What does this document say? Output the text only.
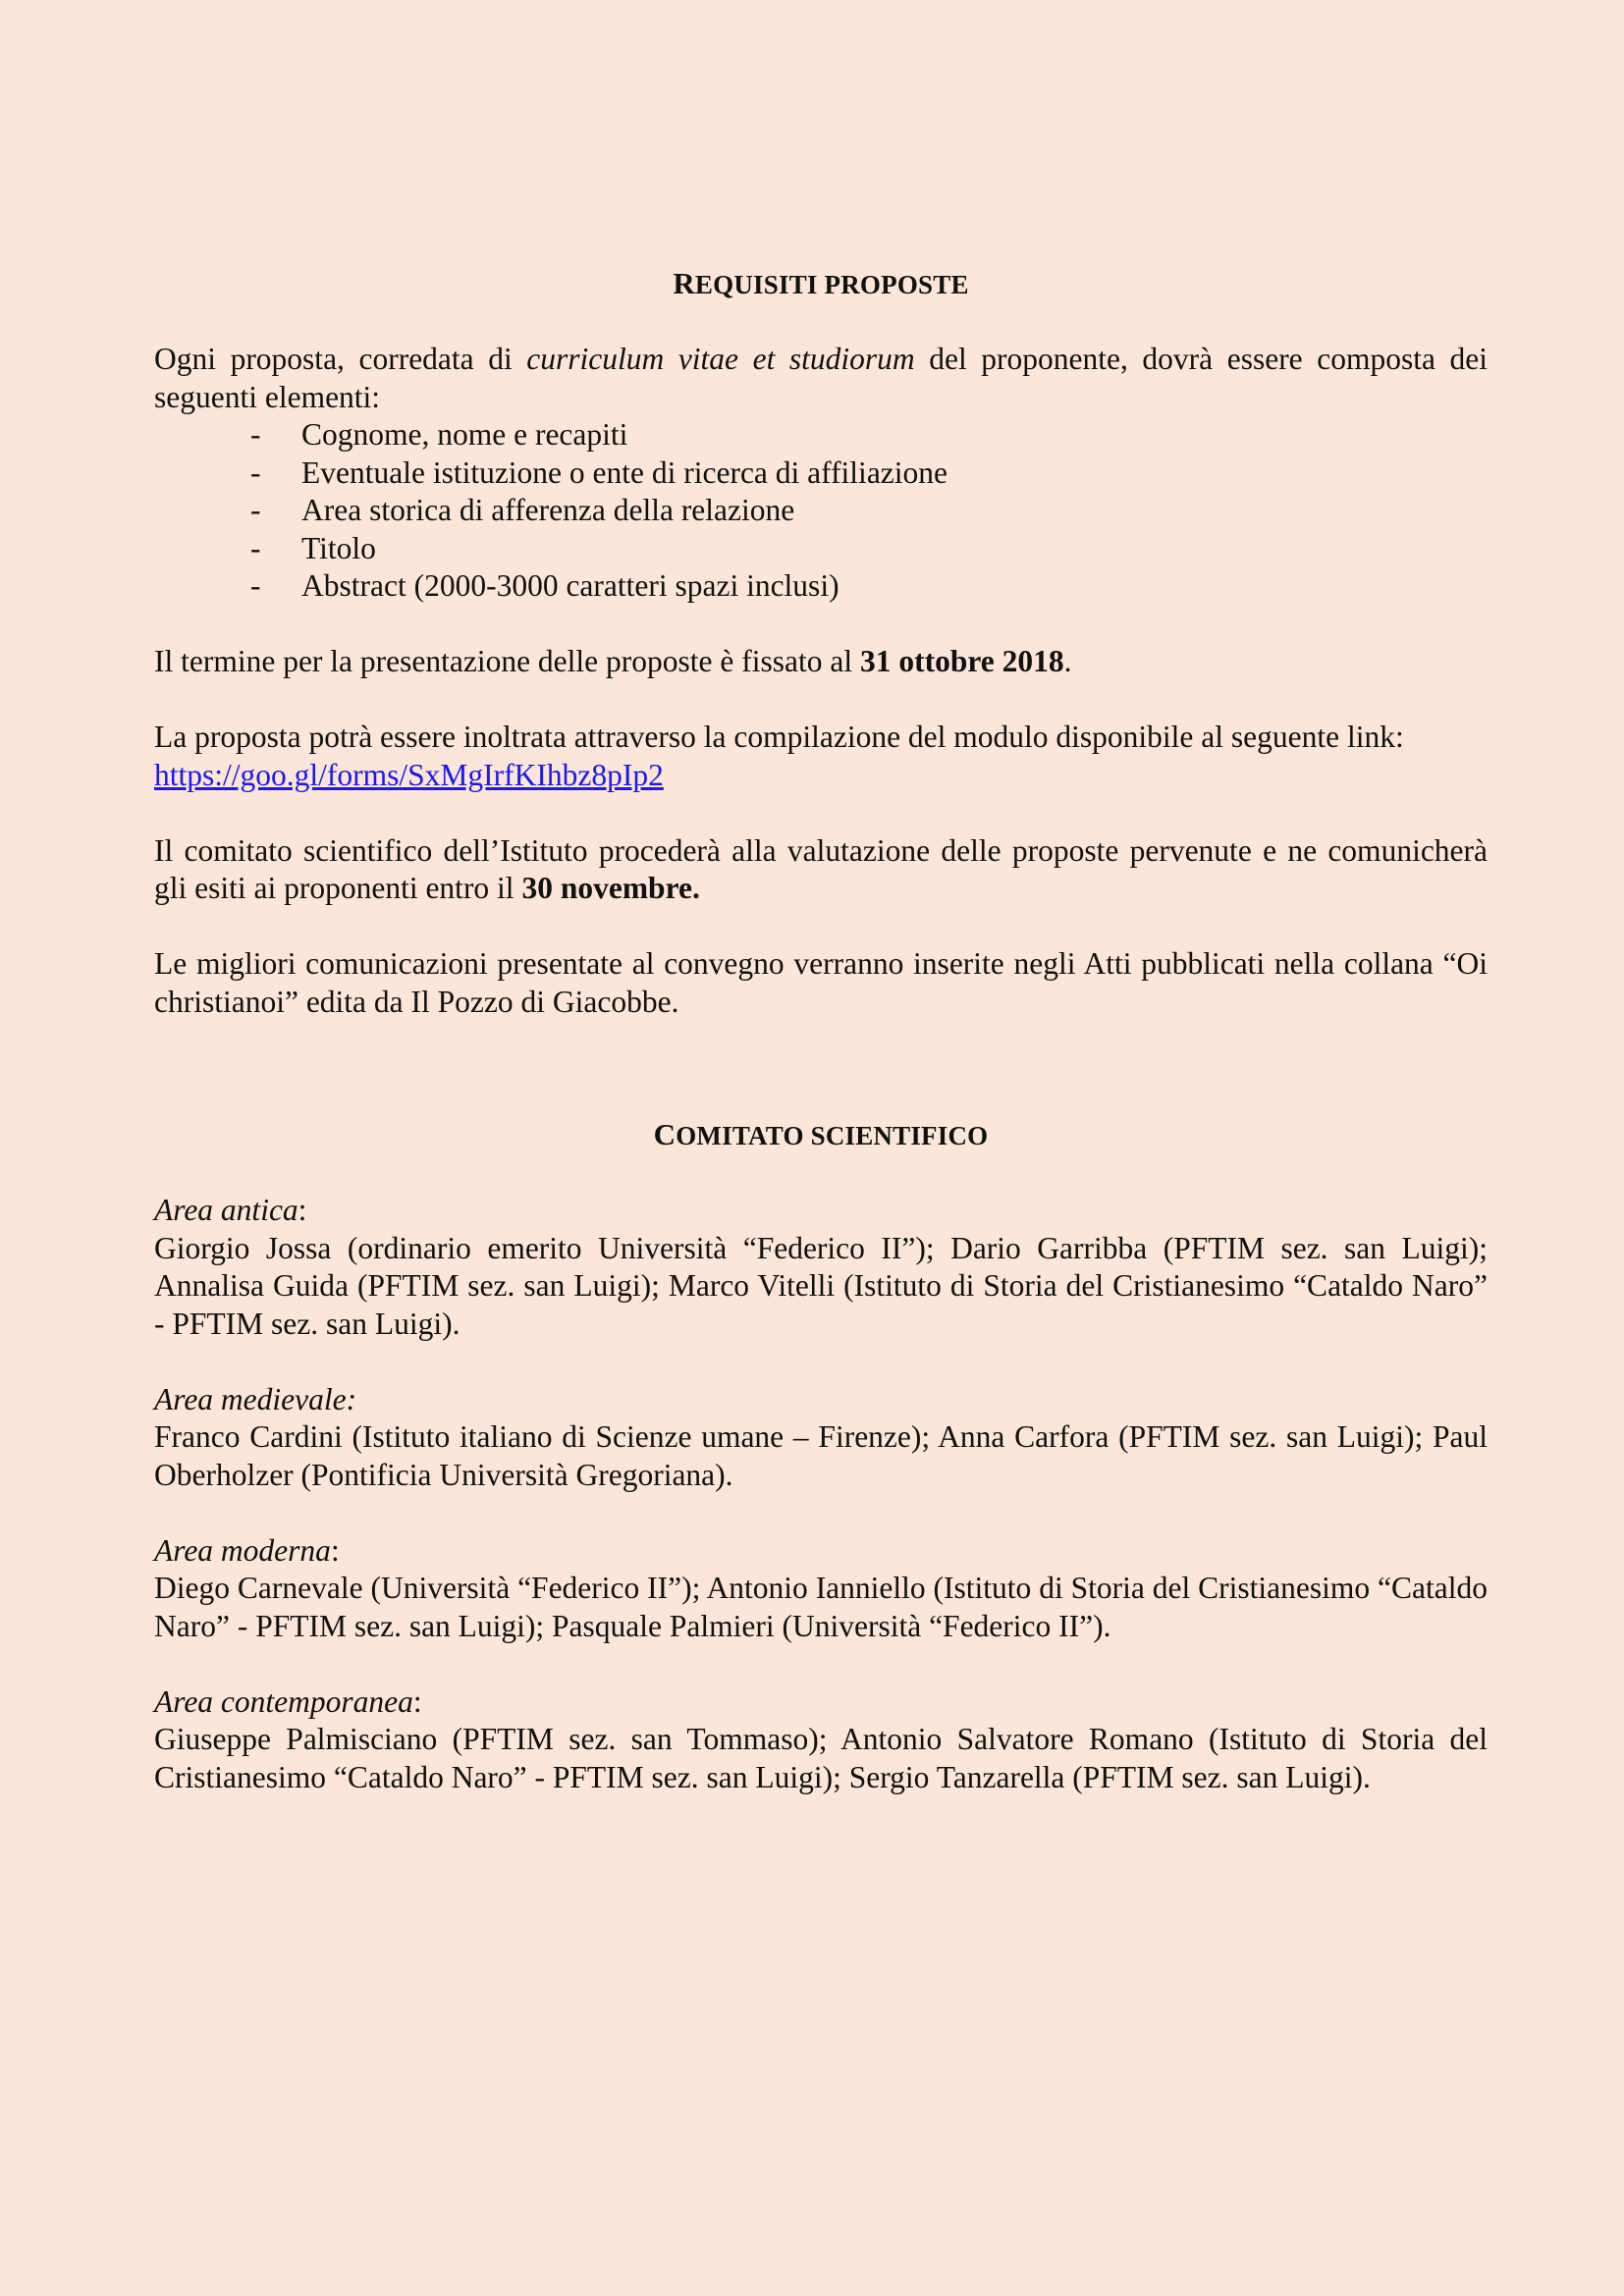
REQUISITI PROPOSTE

Ogni proposta, corredata di curriculum vitae et studiorum del proponente, dovrà essere composta dei seguenti elementi:

- Cognome, nome e recapiti
- Eventuale istituzione o ente di ricerca di affiliazione
- Area storica di afferenza della relazione
- Titolo
- Abstract (2000-3000 caratteri spazi inclusi)

Il termine per la presentazione delle proposte è fissato al 31 ottobre 2018.

La proposta potrà essere inoltrata attraverso la compilazione del modulo disponibile al seguente link:
https://goo.gl/forms/SxMgIrfKIhbz8pIp2

Il comitato scientifico dell’Istituto procederà alla valutazione delle proposte pervenute e ne comunicherà gli esiti ai proponenti entro il 30 novembre.

Le migliori comunicazioni presentate al convegno verranno inserite negli Atti pubblicati nella collana “Oi christianoi” edita da Il Pozzo di Giacobbe.

COMITATO SCIENTIFICO

Area antica:

Giorgio Jossa (ordinario emerito Università “Federico II”); Dario Garribba (PFTIM sez. san Luigi); Annalisa Guida (PFTIM sez. san Luigi); Marco Vitelli (Istituto di Storia del Cristianesimo “Cataldo Naro” - PFTIM sez. san Luigi).

Area medievale:

Franco Cardini (Istituto italiano di Scienze umane – Firenze); Anna Carfora (PFTIM sez. san Luigi); Paul Oberholzer (Pontificia Università Gregoriana).

Area moderna:

Diego Carnevale (Università “Federico II”); Antonio Ianniello (Istituto di Storia del Cristianesimo “Cataldo Naro” - PFTIM sez. san Luigi); Pasquale Palmieri (Università “Federico II”).

Area contemporanea:

Giuseppe Palmisciano (PFTIM sez. san Tommaso); Antonio Salvatore Romano (Istituto di Storia del Cristianesimo “Cataldo Naro” - PFTIM sez. san Luigi); Sergio Tanzarella (PFTIM sez. san Luigi).
